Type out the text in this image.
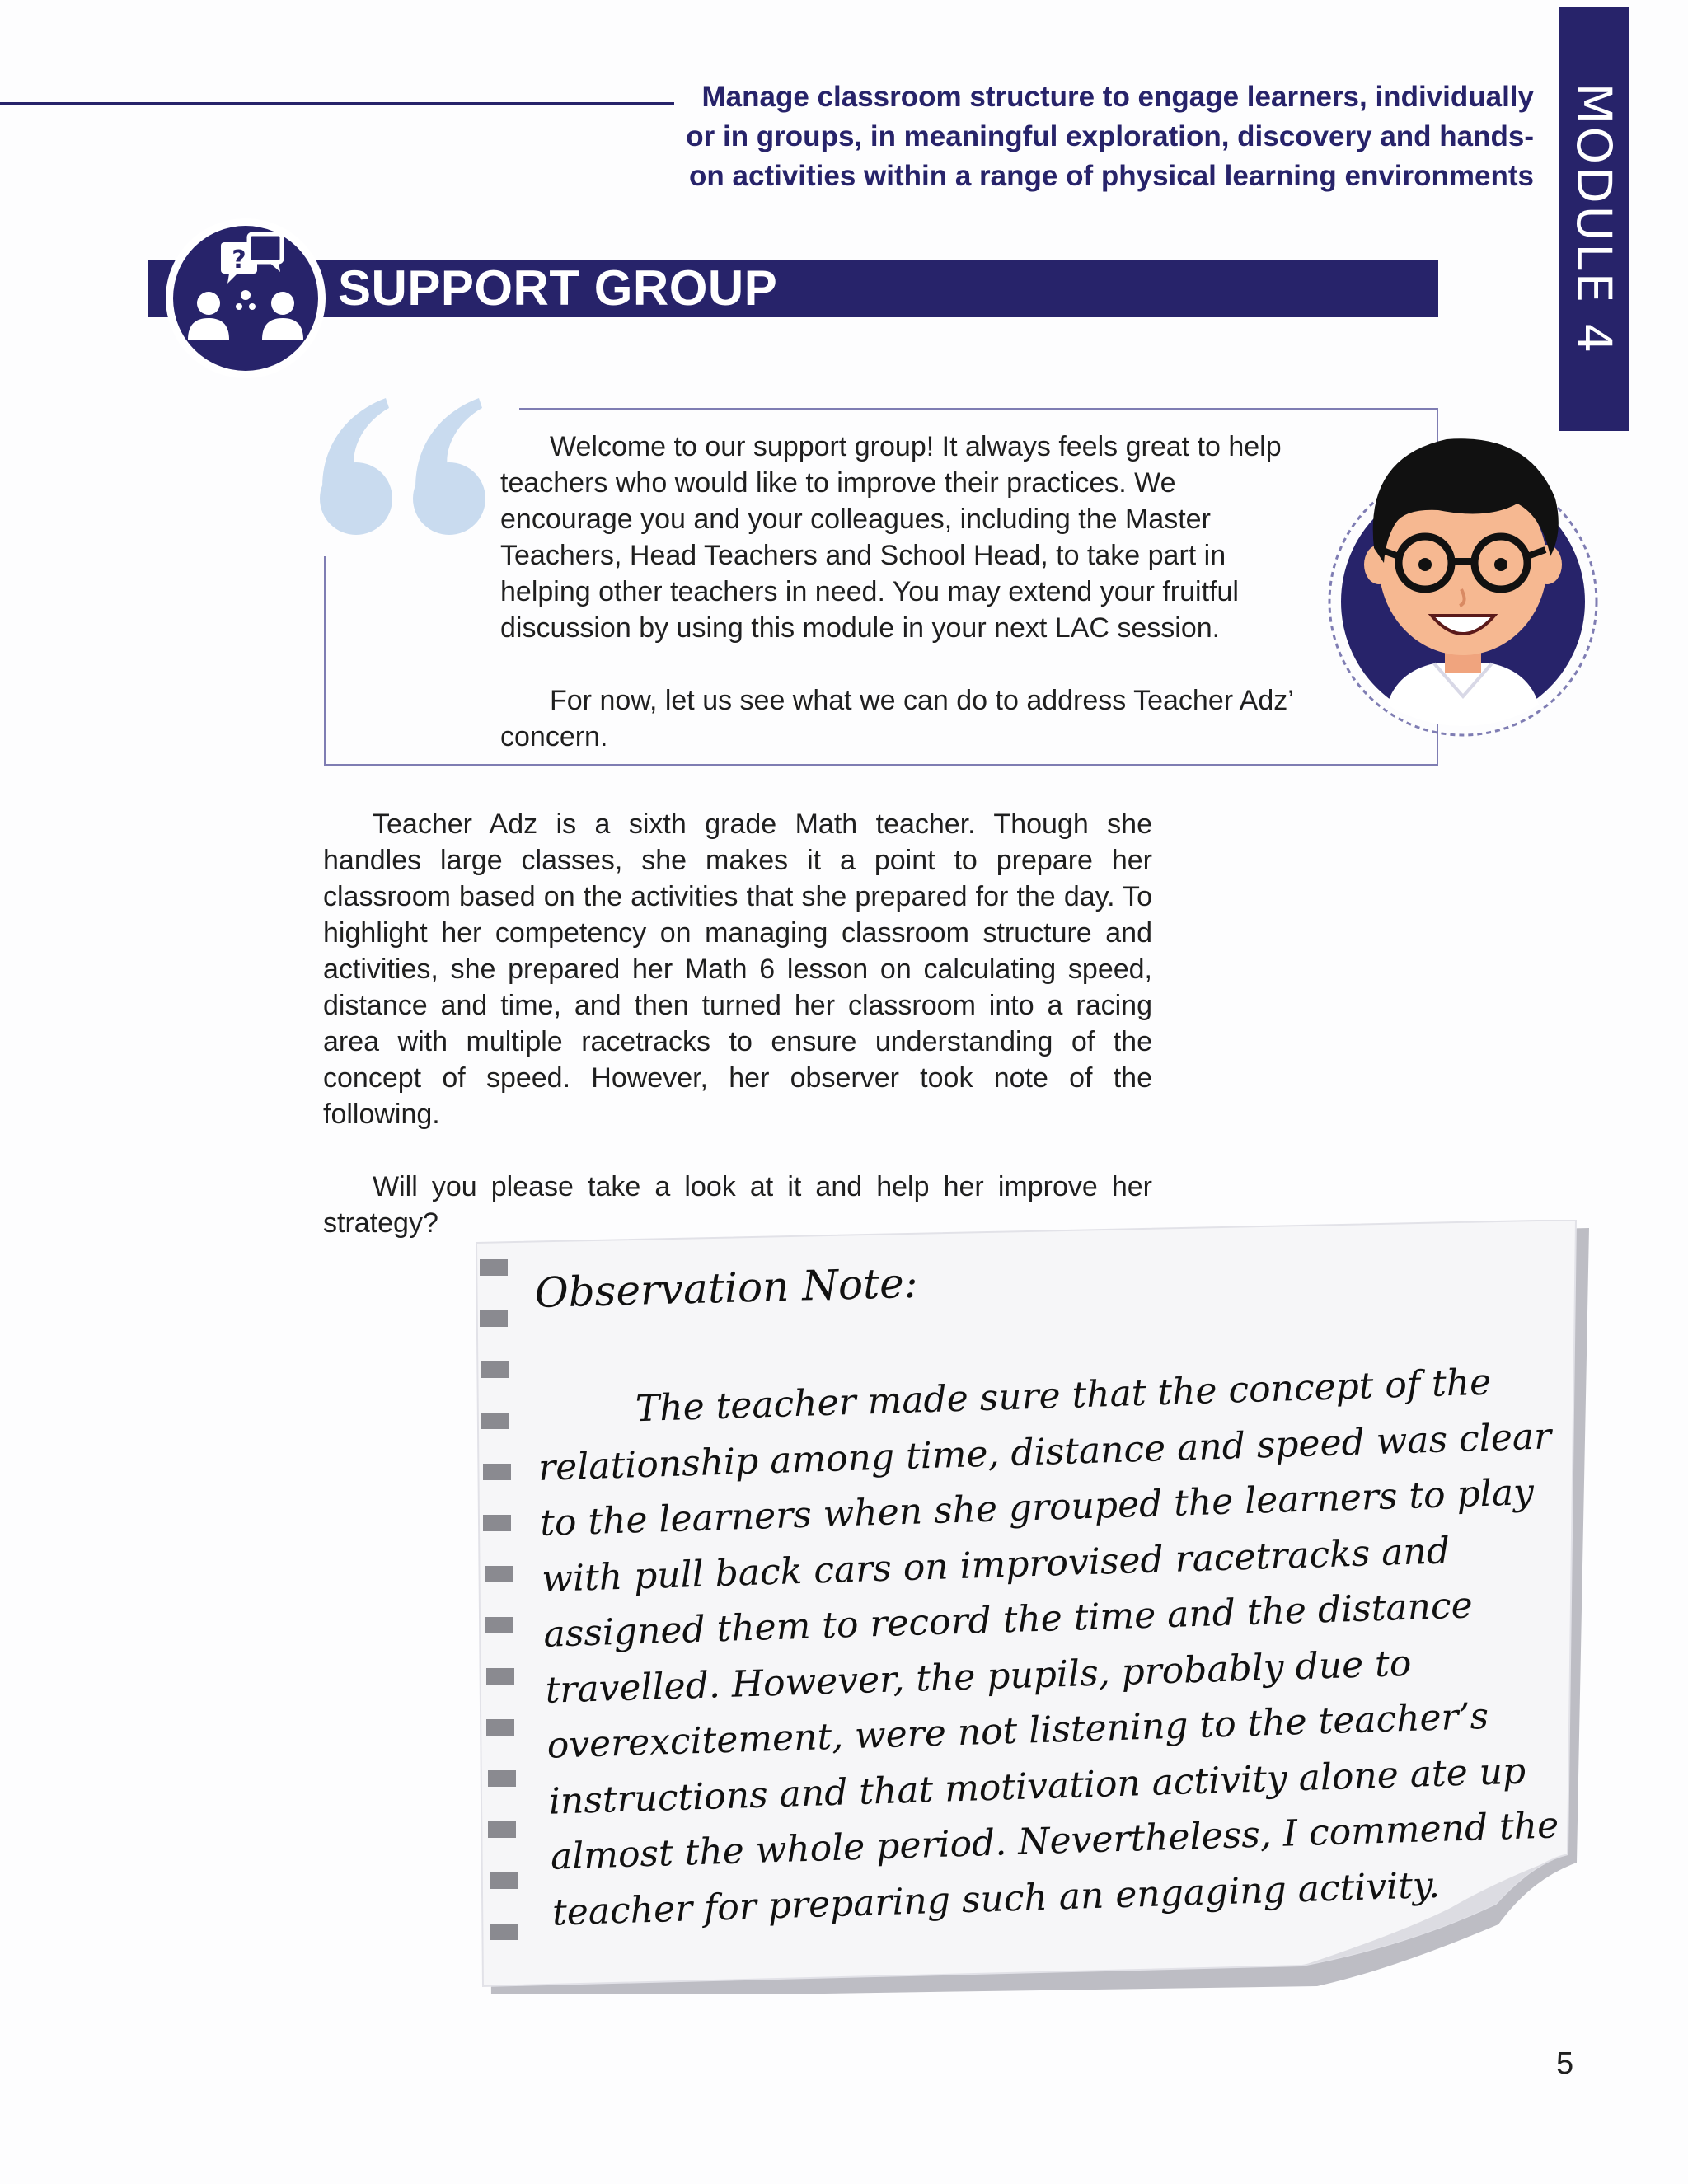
Manage classroom structure to engage learners, individually or in groups, in meaningful exploration, discovery and hands-on activities within a range of physical learning environments MODULE 4
?
SUPPORT GROUP

Welcome to our support group! It always feels great to help teachers who would like to improve their practices. We encourage you and your colleagues, including the Master Teachers, Head Teachers and School Head, to take part in helping other teachers in need. You may extend your fruitful discussion by using this module in your next LAC session.

For now, let us see what we can do to address Teacher Adz’ concern.

Teacher Adz is a sixth grade Math teacher. Though she handles large classes, she makes it a point to prepare her classroom based on the activities that she prepared for the day. To highlight her competency on managing classroom structure and activities, she prepared her Math 6 lesson on calculating speed, distance and time, and then turned her classroom into a racing area with multiple racetracks to ensure understanding of the concept of speed. However, her observer took note of the following.

Will you please take a look at it and help her improve her strategy?

Observation Note:

The teacher made sure that the concept of the relationship among time, distance and speed was clear to the learners when she grouped the learners to play with pull back cars on improvised racetracks and assigned them to record the time and the distance travelled. However, the pupils, probably due to overexcitement, were not listening to the teacher’s instructions and that motivation activity alone ate up almost the whole period. Nevertheless, I commend the teacher for preparing such an engaging activity.

5
